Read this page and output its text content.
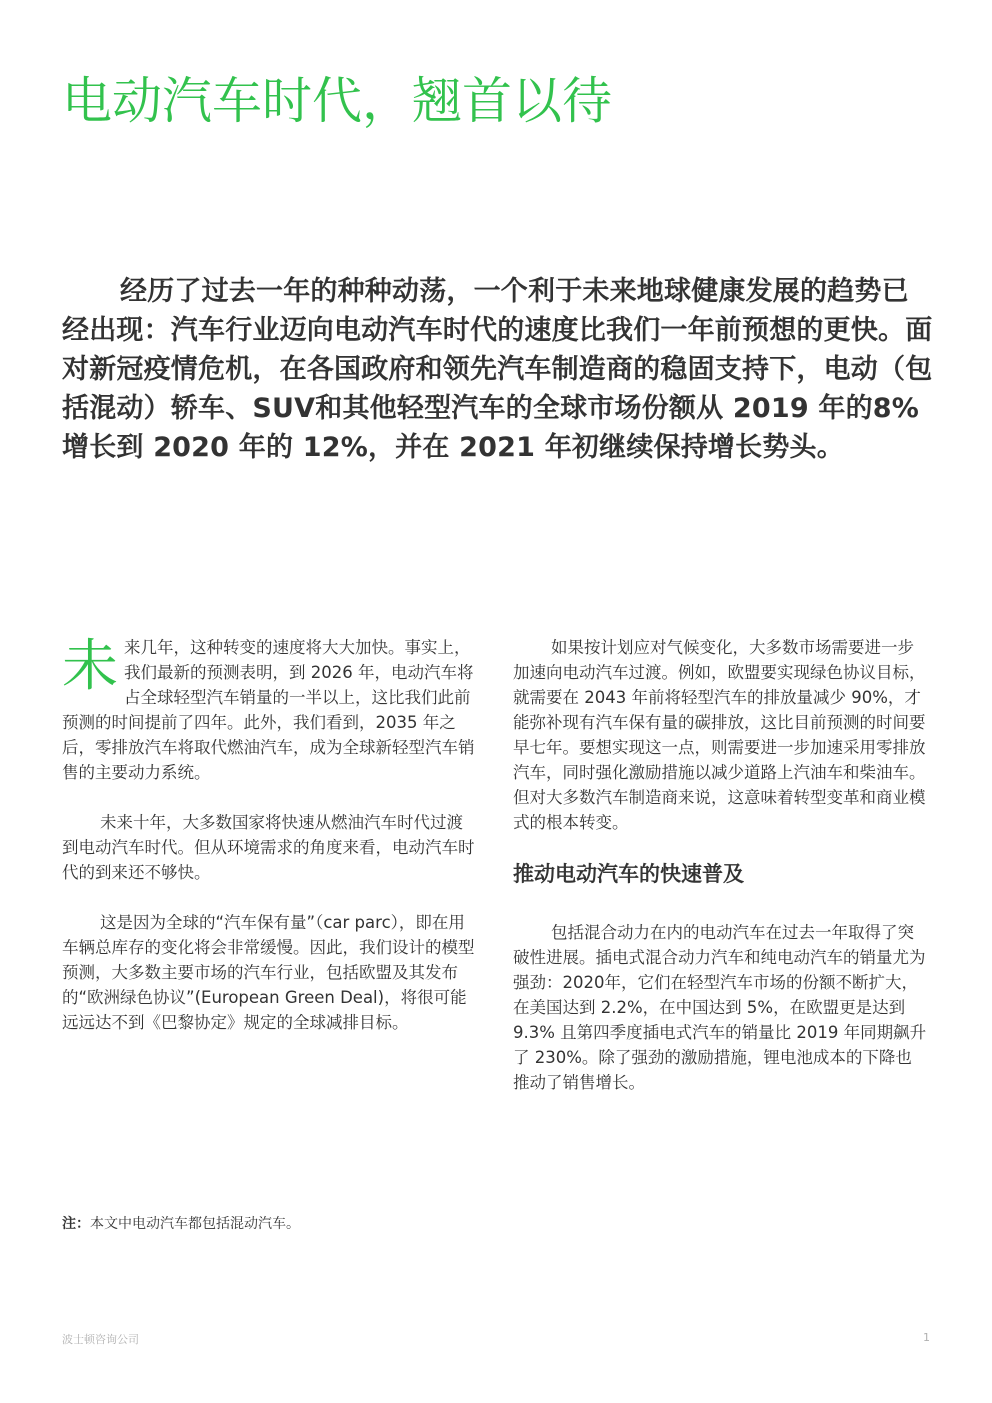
电动汽车时代，翘首以待

经历了过去一年的种种动荡，一个利于未来地球健康发展的趋势已经出现：汽车行业迈向电动汽车时代的速度比我们一年前预想的更快。面对新冠疫情危机，在各国政府和领先汽车制造商的稳固支持下，电动（包括混动）轿车、SUV和其他轻型汽车的全球市场份额从 2019 年的8% 增长到 2020 年的 12%，并在 2021 年初继续保持增长势头。

未来几年，这种转变的速度将大大加快。事实上，我们最新的预测表明，到 2026 年，电动汽车将占全球轻型汽车销量的一半以上，这比我们此前预测的时间提前了四年。此外，我们看到，2035 年之后，零排放汽车将取代燃油汽车，成为全球新轻型汽车销售的主要动力系统。

未来十年，大多数国家将快速从燃油汽车时代过渡到电动汽车时代。但从环境需求的角度来看，电动汽车时代的到来还不够快。

这是因为全球的“汽车保有量”（car parc），即在用车辆总库存的变化将会非常缓慢。因此，我们设计的模型预测，大多数主要市场的汽车行业，包括欧盟及其发布的“欧洲绿色协议”(European Green Deal)，将很可能远远达不到《巴黎协定》规定的全球减排目标。

如果按计划应对气候变化，大多数市场需要进一步加速向电动汽车过渡。例如，欧盟要实现绿色协议目标，就需要在 2043 年前将轻型汽车的排放量减少 90%，才能弥补现有汽车保有量的碳排放，这比目前预测的时间要早七年。要想实现这一点，则需要进一步加速采用零排放汽车，同时强化激励措施以减少道路上汽油车和柴油车。但对大多数汽车制造商来说，这意味着转型变革和商业模式的根本转变。

推动电动汽车的快速普及

包括混合动力在内的电动汽车在过去一年取得了突破性进展。插电式混合动力汽车和纯电动汽车的销量尤为强劲：2020年，它们在轻型汽车市场的份额不断扩大，在美国达到 2.2%，在中国达到 5%，在欧盟更是达到 9.3% 且第四季度插电式汽车的销量比 2019 年同期飙升了 230%。除了强劲的激励措施，锂电池成本的下降也推动了销售增长。

注：本文中电动汽车都包括混动汽车。
波士顿咨询公司	1
